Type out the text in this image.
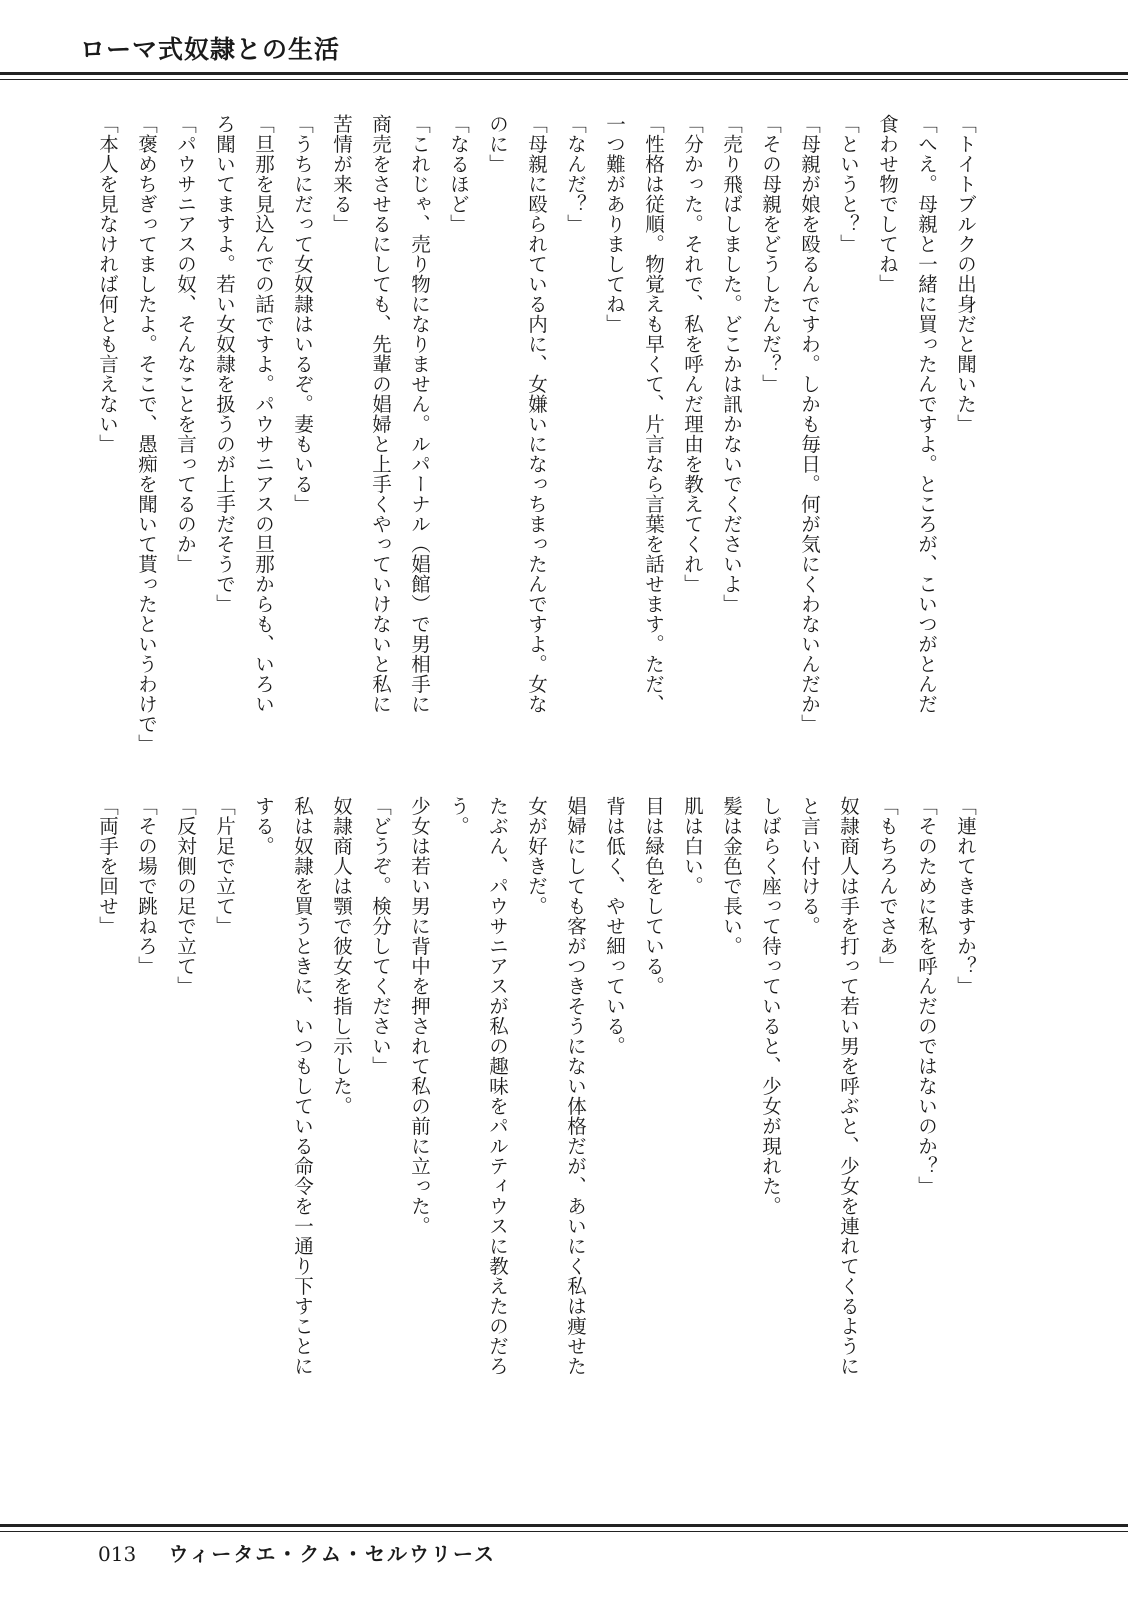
ローマ式奴隷との生活
「トイトブルクの出身だと聞いた」
「へえ。母親と一緒に買ったんですよ。ところが、こいつがとんだ
食わせ物でしてね」
「というと？」
「母親が娘を殴るんですわ。しかも毎日。何が気にくわないんだか」
「その母親をどうしたんだ？」
「売り飛ばしました。どこかは訊かないでくださいよ」
「分かった。それで、私を呼んだ理由を教えてくれ」
「性格は従順。物覚えも早くて、片言なら言葉を話せます。ただ、
一つ難がありましてね」
「なんだ？」
「母親に殴られている内に、女嫌いになっちまったんですよ。女な
のに」
「なるほど」
「これじゃ、売り物になりません。ルパーナル（娼館）で男相手に
商売をさせるにしても、先輩の娼婦と上手くやっていけないと私に
苦情が来る」
「うちにだって女奴隷はいるぞ。妻もいる」
「旦那を見込んでの話ですよ。パウサニアスの旦那からも、いろい
ろ聞いてますよ。若い女奴隷を扱うのが上手だそうで」
「パウサニアスの奴、そんなことを言ってるのか」
「褒めちぎってましたよ。そこで、愚痴を聞いて貰ったというわけで」
「本人を見なければ何とも言えない」
「連れてきますか？」
「そのために私を呼んだのではないのか？」
「もちろんでさあ」
奴隷商人は手を打って若い男を呼ぶと、少女を連れてくるように
と言い付ける。
しばらく座って待っていると、少女が現れた。
髪は金色で長い。
肌は白い。
目は緑色をしている。
背は低く、やせ細っている。
娼婦にしても客がつきそうにない体格だが、あいにく私は痩せた
女が好きだ。
たぶん、パウサニアスが私の趣味をパルティウスに教えたのだろ
う。
少女は若い男に背中を押されて私の前に立った。
「どうぞ。検分してください」
奴隷商人は顎で彼女を指し示した。
私は奴隷を買うときに、いつもしている命令を一通り下すことに
する。
「片足で立て」
「反対側の足で立て」
「その場で跳ねろ」
「両手を回せ」
013 ウィータエ・クム・セルウリース
